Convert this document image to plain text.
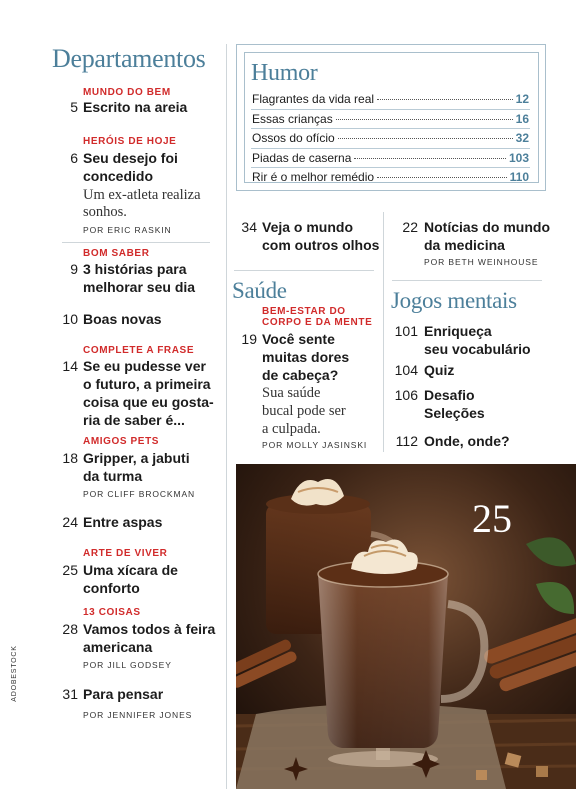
Departamentos
MUNDO DO BEM
5 Escrito na areia
HERÓIS DE HOJE
6 Seu desejo foi
concedido
Um ex-atleta realiza
sonhos.
POR ERIC RASKIN
BOM SABER
9 3 histórias para
melhorar seu dia
10 Boas novas
COMPLETE A FRASE
14 Se eu pudesse ver
o futuro, a primeira
coisa que eu gosta-
ria de saber é...
AMIGOS PETS
18 Gripper, a jabuti
da turma
POR CLIFF BROCKMAN
24 Entre aspas
ARTE DE VIVER
25 Uma xícara de
conforto
13 COISAS
28 Vamos todos à feira
americana
POR JILL GODSEY
31 Para pensar
POR JENNIFER JONES
ADOBESTOCK
Humor
Flagrantes da vida real	12
Essas crianças	16
Ossos do ofício	32
Piadas de caserna	103
Rir é o melhor remédio	110
34 Veja o mundo
com outros olhos
22 Notícias do mundo
da medicina
POR BETH WEINHOUSE
Saúde
BEM-ESTAR DO
CORPO E DA MENTE
19 Você sente
muitas dores
de cabeça?
Sua saúde
bucal pode ser
a culpada.
POR MOLLY JASINSKI
Jogos mentais
101 Enriqueça
seu vocabulário
104 Quiz
106 Desafio
Seleções
112 Onde, onde?
25
